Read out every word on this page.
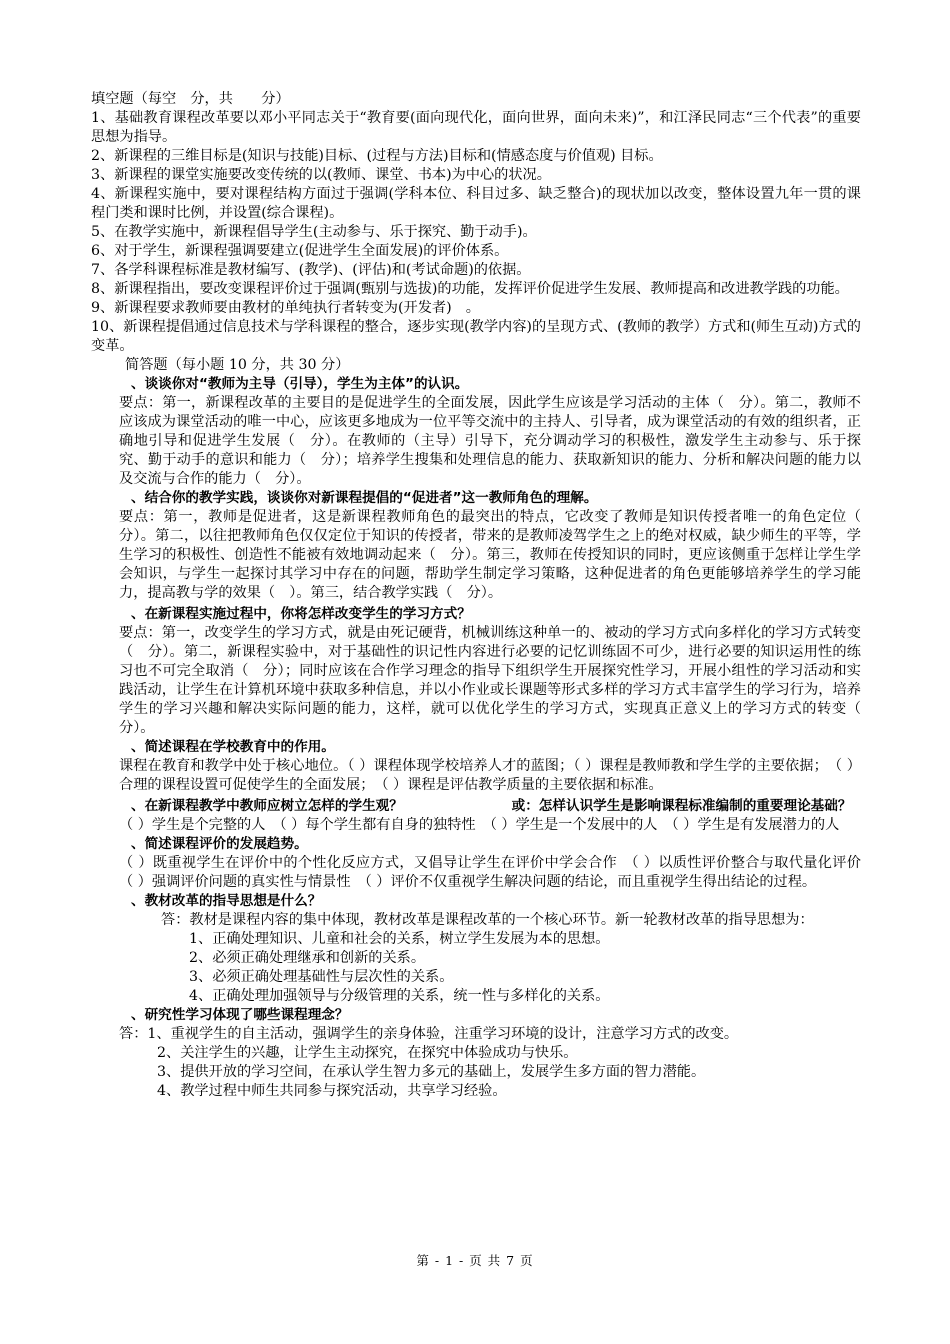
填空题（每空　分，共　　分）

1、基础教育课程改革要以邓小平同志关于“教育要(面向现代化，面向世界，面向未来)”，和江泽民同志“三个代表”的重要思想为指导。

2、新课程的三维目标是(知识与技能)目标、(过程与方法)目标和(情感态度与价值观) 目标。

3、新课程的课堂实施要改变传统的以(教师、课堂、书本)为中心的状况。

4、新课程实施中，要对课程结构方面过于强调(学科本位、科目过多、缺乏整合)的现状加以改变，整体设置九年一贯的课程门类和课时比例，并设置(综合课程)。

5、在教学实施中，新课程倡导学生(主动参与、乐于探究、勤于动手)。

6、对于学生，新课程强调要建立(促进学生全面发展)的评价体系。

7、各学科课程标准是教材编写、(教学)、(评估)和(考试命题)的依据。

8、新课程指出，要改变课程评价过于强调(甄别与选拔)的功能，发挥评价促进学生发展、教师提高和改进教学践的功能。

9、新课程要求教师要由教材的单纯执行者转变为(开发者)　。

10、新课程提倡通过信息技术与学科课程的整合，逐步实现(教学内容)的呈现方式、(教师的教学）方式和(师生互动)方式的变革。

简答题（每小题 10 分，共 30 分）

、谈谈你对“教师为主导（引导），学生为主体”的认识。

要点：第一，新课程改革的主要目的是促进学生的全面发展，因此学生应该是学习活动的主体（　分）。第二，教师不应该成为课堂活动的唯一中心，应该更多地成为一位平等交流中的主持人、引导者，成为课堂活动的有效的组织者，正确地引导和促进学生发展（　分）。在教师的（主导）引导下，充分调动学习的积极性，激发学生主动参与、乐于探究、勤于动手的意识和能力（　分）；培养学生搜集和处理信息的能力、获取新知识的能力、分析和解决问题的能力以及交流与合作的能力（　分）。

、结合你的教学实践，谈谈你对新课程提倡的“促进者”这一教师角色的理解。

要点：第一，教师是促进者，这是新课程教师角色的最突出的特点，它改变了教师是知识传授者唯一的角色定位（　分）。第二，以往把教师角色仅仅定位于知识的传授者，带来的是教师凌驾学生之上的绝对权威，缺少师生的平等，学生学习的积极性、创造性不能被有效地调动起来（　分）。第三，教师在传授知识的同时，更应该侧重于怎样让学生学会知识，与学生一起探讨其学习中存在的问题，帮助学生制定学习策略，这种促进者的角色更能够培养学生的学习能力，提高教与学的效果（　）。第三，结合教学实践（　分）。

、在新课程实施过程中，你将怎样改变学生的学习方式？

要点：第一，改变学生的学习方式，就是由死记硬背，机械训练这种单一的、被动的学习方式向多样化的学习方式转变（　分）。第二，新课程实验中，对于基础性的识记性内容进行必要的记忆训练固不可少，进行必要的知识运用性的练习也不可完全取消（　分）；同时应该在合作学习理念的指导下组织学生开展探究性学习，开展小组性的学习活动和实践活动，让学生在计算机环境中获取多种信息，并以小作业或长课题等形式多样的学习方式丰富学生的学习行为，培养学生的学习兴趣和解决实际问题的能力，这样，就可以优化学生的学习方式，实现真正意义上的学习方式的转变（　分）。

、简述课程在学校教育中的作用。

课程在教育和教学中处于核心地位。（ ）课程体现学校培养人才的蓝图；（ ）课程是教师教和学生学的主要依据；　（ ）合理的课程设置可促使学生的全面发展；　（ ）课程是评估教学质量的主要依据和标准。

、在新课程教学中教师应树立怎样的学生观？　　　　　　　　	或：怎样认识学生是影响课程标准编制的重要理论基础？

（ ）学生是个完整的人　（ ）每个学生都有自身的独特性　（ ）学生是一个发展中的人　（ ）学生是有发展潜力的人

、简述课程评价的发展趋势。

（ ）既重视学生在评价中的个性化反应方式，又倡导让学生在评价中学会合作　（ ）以质性评价整合与取代量化评价　（ ）强调评价问题的真实性与情景性　（ ）评价不仅重视学生解决问题的结论，而且重视学生得出结论的过程。

、教材改革的指导思想是什么？

答：教材是课程内容的集中体现，教材改革是课程改革的一个核心环节。新一轮教材改革的指导思想为：

1、正确处理知识、儿童和社会的关系，树立学生发展为本的思想。

2、必须正确处理继承和创新的关系。

3、必须正确处理基础性与层次性的关系。

4、正确处理加强领导与分级管理的关系，统一性与多样化的关系。

、研究性学习体现了哪些课程理念？

答：1、重视学生的自主活动，强调学生的亲身体验，注重学习环境的设计，注意学习方式的改变。

2、关注学生的兴趣，让学生主动探究，在探究中体验成功与快乐。

3、提供开放的学习空间，在承认学生智力多元的基础上，发展学生多方面的智力潜能。

4、教学过程中师生共同参与探究活动，共享学习经验。

第 - 1 - 页 共 7 页
